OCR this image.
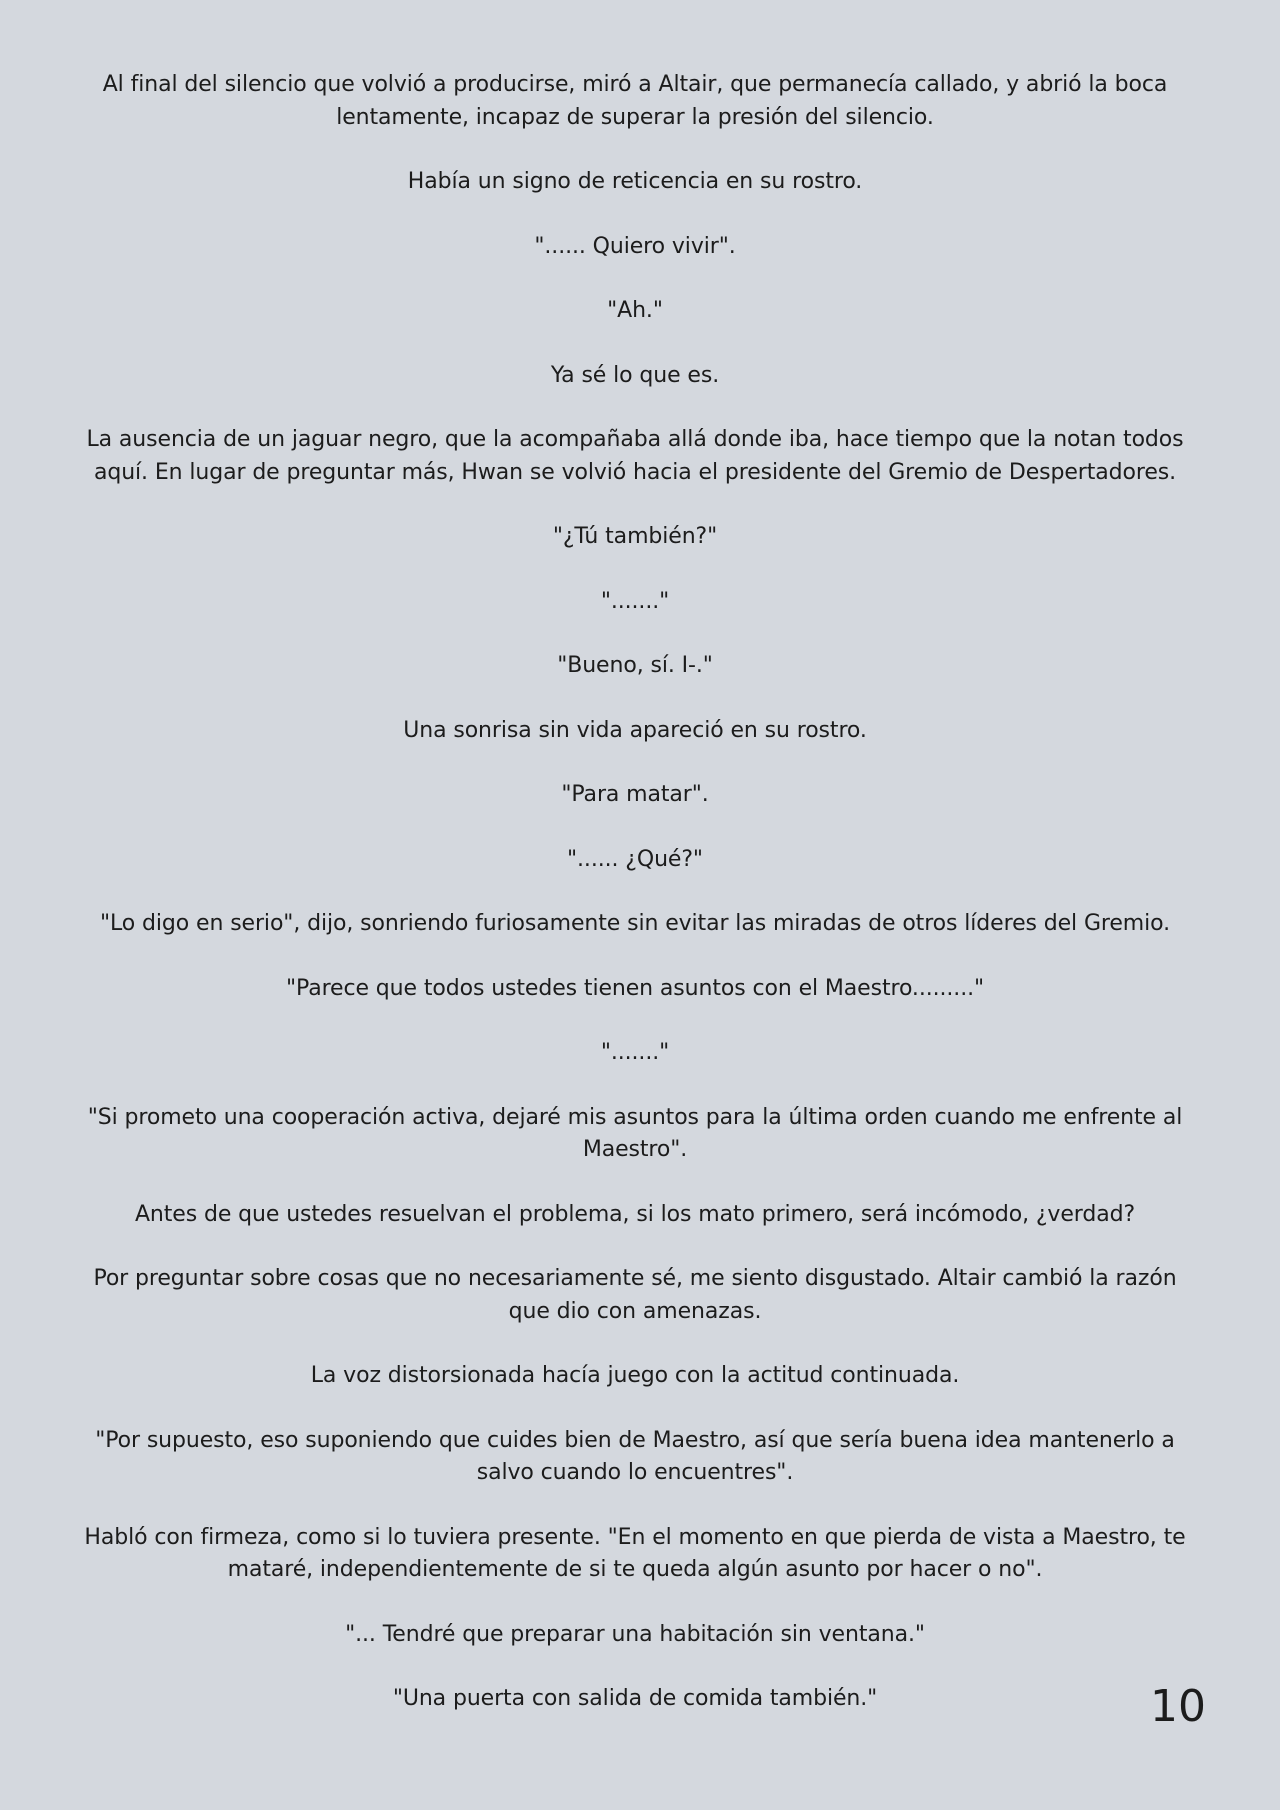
Al final del silencio que volvió a producirse, miró a Altair, que permanecía callado, y abrió la boca lentamente, incapaz de superar la presión del silencio.

Había un signo de reticencia en su rostro.

"...... Quiero vivir".

"Ah."

Ya sé lo que es.

La ausencia de un jaguar negro, que la acompañaba allá donde iba, hace tiempo que la notan todos aquí. En lugar de preguntar más, Hwan se volvió hacia el presidente del Gremio de Despertadores.

"¿Tú también?"

"......."

"Bueno, sí. I-."

Una sonrisa sin vida apareció en su rostro.

"Para matar".

"...... ¿Qué?"

"Lo digo en serio", dijo, sonriendo furiosamente sin evitar las miradas de otros líderes del Gremio.

"Parece que todos ustedes tienen asuntos con el Maestro........."

"......."

"Si prometo una cooperación activa, dejaré mis asuntos para la última orden cuando me enfrente al Maestro".

Antes de que ustedes resuelvan el problema, si los mato primero, será incómodo, ¿verdad?

Por preguntar sobre cosas que no necesariamente sé, me siento disgustado. Altair cambió la razón que dio con amenazas.

La voz distorsionada hacía juego con la actitud continuada.

"Por supuesto, eso suponiendo que cuides bien de Maestro, así que sería buena idea mantenerlo a salvo cuando lo encuentres".

Habló con firmeza, como si lo tuviera presente. "En el momento en que pierda de vista a Maestro, te mataré, independientemente de si te queda algún asunto por hacer o no".

"... Tendré que preparar una habitación sin ventana."

"Una puerta con salida de comida también."	10
